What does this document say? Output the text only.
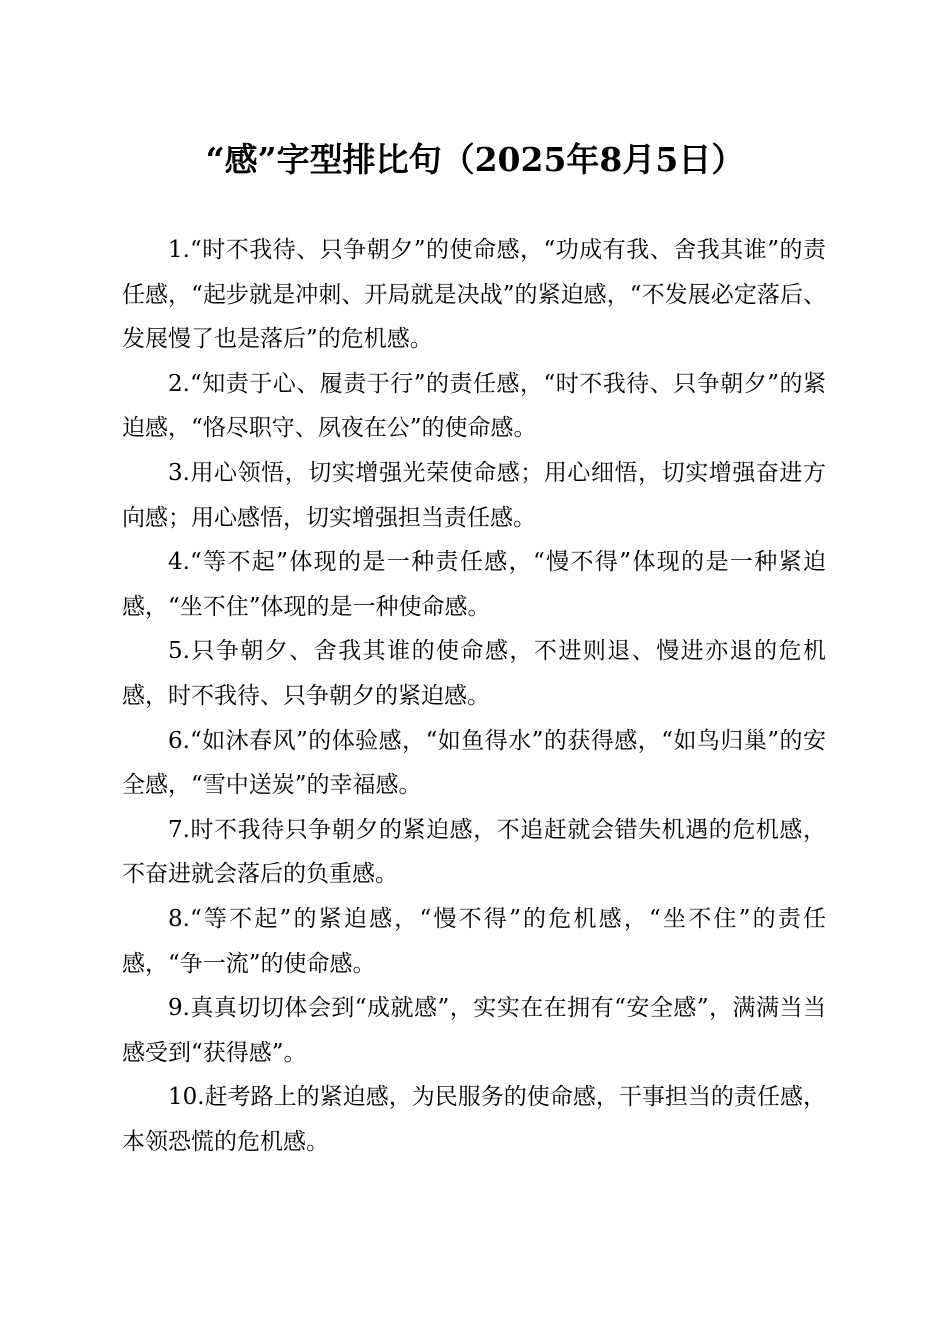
“感”字型排比句（2025年8月5日）

1.“时不我待、只争朝夕”的使命感，“功成有我、舍我其谁”的责任感，“起步就是冲刺、开局就是决战”的紧迫感，“不发展必定落后、发展慢了也是落后”的危机感。

2.“知责于心、履责于行”的责任感，“时不我待、只争朝夕”的紧迫感，“恪尽职守、夙夜在公”的使命感。

3.用心领悟，切实增强光荣使命感；用心细悟，切实增强奋进方向感；用心感悟，切实增强担当责任感。

4.“等不起”体现的是一种责任感，“慢不得”体现的是一种紧迫感，“坐不住”体现的是一种使命感。

5.只争朝夕、舍我其谁的使命感，不进则退、慢进亦退的危机感，时不我待、只争朝夕的紧迫感。

6.“如沐春风”的体验感，“如鱼得水”的获得感，“如鸟归巢”的安全感，“雪中送炭”的幸福感。

7.时不我待只争朝夕的紧迫感，不追赶就会错失机遇的危机感，不奋进就会落后的负重感。

8.“等不起”的紧迫感，“慢不得”的危机感，“坐不住”的责任感，“争一流”的使命感。

9.真真切切体会到“成就感”，实实在在拥有“安全感”，满满当当感受到“获得感”。

10.赶考路上的紧迫感，为民服务的使命感，干事担当的责任感，本领恐慌的危机感。
